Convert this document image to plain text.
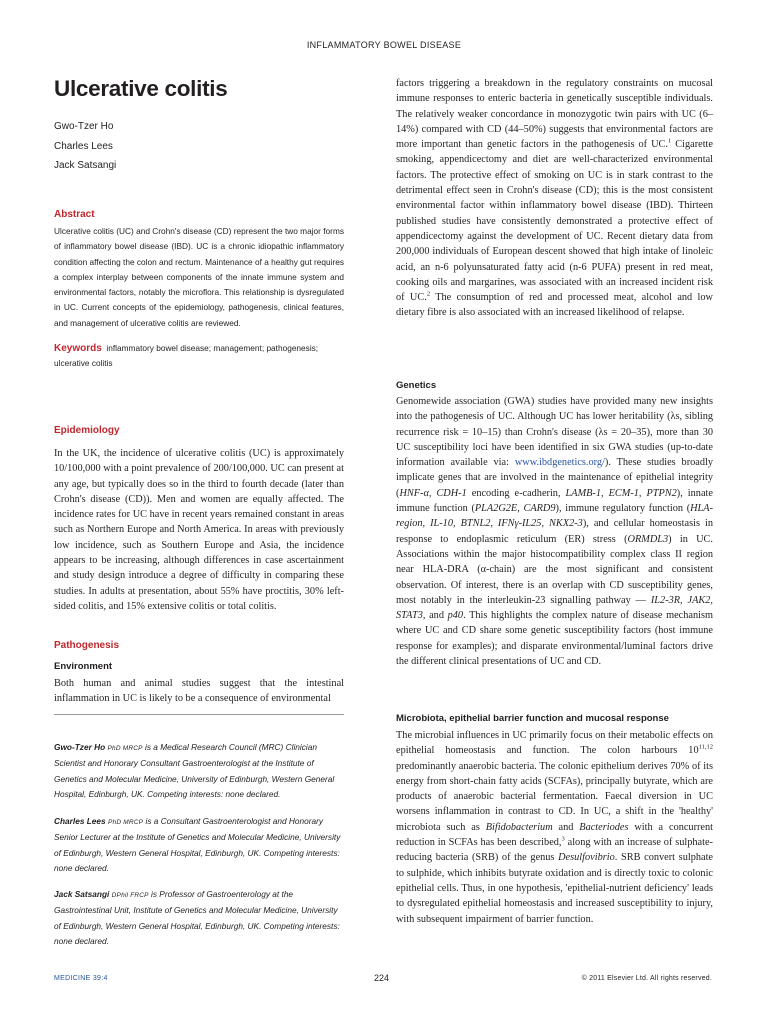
INFLAMMATORY BOWEL DISEASE
Ulcerative colitis
Gwo-Tzer Ho
Charles Lees
Jack Satsangi
Abstract
Ulcerative colitis (UC) and Crohn's disease (CD) represent the two major forms of inflammatory bowel disease (IBD). UC is a chronic idiopathic inflammatory condition affecting the colon and rectum. Maintenance of a healthy gut requires a complex interplay between components of the innate immune system and environmental factors, notably the microflora. This relationship is dysregulated in UC. Current concepts of the epidemiology, pathogenesis, clinical features, and management of ulcerative colitis are reviewed.
Keywords inflammatory bowel disease; management; pathogenesis; ulcerative colitis
Epidemiology
In the UK, the incidence of ulcerative colitis (UC) is approximately 10/100,000 with a point prevalence of 200/100,000. UC can present at any age, but typically does so in the third to fourth decade (later than Crohn's disease (CD)). Men and women are equally affected. The incidence rates for UC have in recent years remained constant in areas such as Northern Europe and North America. In areas with previously low incidence, such as Southern Europe and Asia, the incidence appears to be increasing, although differences in case ascertainment and study design introduce a degree of difficulty in comparing these studies. In adults at presentation, about 55% have proctitis, 30% left-sided colitis, and 15% extensive colitis or total colitis.
Pathogenesis
Environment
Both human and animal studies suggest that the intestinal inflammation in UC is likely to be a consequence of environmental
Gwo-Tzer Ho PhD MRCP is a Medical Research Council (MRC) Clinician Scientist and Honorary Consultant Gastroenterologist at the Institute of Genetics and Molecular Medicine, University of Edinburgh, Western General Hospital, Edinburgh, UK. Competing interests: none declared.
Charles Lees PhD MRCP is a Consultant Gastroenterologist and Honorary Senior Lecturer at the Institute of Genetics and Molecular Medicine, University of Edinburgh, Western General Hospital, Edinburgh, UK. Competing interests: none declared.
Jack Satsangi DPhil FRCP is Professor of Gastroenterology at the Gastrointestinal Unit, Institute of Genetics and Molecular Medicine, University of Edinburgh, Western General Hospital, Edinburgh, UK. Competing interests: none declared.
factors triggering a breakdown in the regulatory constraints on mucosal immune responses to enteric bacteria in genetically susceptible individuals. The relatively weaker concordance in monozygotic twin pairs with UC (6–14%) compared with CD (44–50%) suggests that environmental factors are more important than genetic factors in the pathogenesis of UC.$^1$ Cigarette smoking, appendicectomy and diet are well-characterized environmental factors. The protective effect of smoking on UC is in stark contrast to the detrimental effect seen in Crohn's disease (CD); this is the most consistent environmental factor within inflammatory bowel disease (IBD). Thirteen published studies have consistently demonstrated a protective effect of appendicectomy against the development of UC. Recent dietary data from 200,000 individuals of European descent showed that high intake of linoleic acid, an n-6 polyunsaturated fatty acid (n-6 PUFA) present in red meat, cooking oils and margarines, was associated with an increased incident risk of UC.$^2$ The consumption of red and processed meat, alcohol and low dietary fibre is also associated with an increased likelihood of relapse.
Genetics
Genomewide association (GWA) studies have provided many new insights into the pathogenesis of UC. Although UC has lower heritability (λs, sibling recurrence risk = 10–15) than Crohn's disease (λs = 20–35), more than 30 UC susceptibility loci have been identified in six GWA studies (up-to-date information available via: www.ibdgenetics.org/). These studies broadly implicate genes that are involved in the maintenance of epithelial integrity (HNF-α, CDH-1 encoding e-cadherin, LAMB-1, ECM-1, PTPN2), innate immune function (PLA2G2E, CARD9), immune regulatory function (HLA-region, IL-10, BTNL2, IFNγ-IL25, NKX2-3), and cellular homeostasis in response to endoplasmic reticulum (ER) stress (ORMDL3) in UC. Associations within the major histocompatibility complex class II region near HLA-DRA (α-chain) are the most significant and consistent observation. Of interest, there is an overlap with CD susceptibility genes, most notably in the interleukin-23 signalling pathway — IL2-3R, JAK2, STAT3, and p40. This highlights the complex nature of disease mechanism where UC and CD share some genetic susceptibility factors (host immune response for examples); and disparate environmental/luminal factors drive the different clinical presentations of UC and CD.
Microbiota, epithelial barrier function and mucosal response
The microbial influences in UC primarily focus on their metabolic effects on epithelial homeostasis and function. The colon harbours 10$^{11,12}$ predominantly anaerobic bacteria. The colonic epithelium derives 70% of its energy from short-chain fatty acids (SCFAs), principally butyrate, which are products of anaerobic bacterial fermentation. Faecal diversion in UC worsens inflammation in contrast to CD. In UC, a shift in the 'healthy' microbiota such as Bifidobacterium and Bacteriodes with a concurrent reduction in SCFAs has been described,$^3$ along with an increase of sulphate-reducing bacteria (SRB) of the genus Desulfovibrio. SRB convert sulphate to sulphide, which inhibits butyrate oxidation and is directly toxic to colonic epithelial cells. Thus, in one hypothesis, 'epithelial-nutrient deficiency' leads to dysregulated epithelial homeostasis and increased susceptibility to injury, with subsequent impairment of barrier function.
MEDICINE 39:4	224	© 2011 Elsevier Ltd. All rights reserved.
